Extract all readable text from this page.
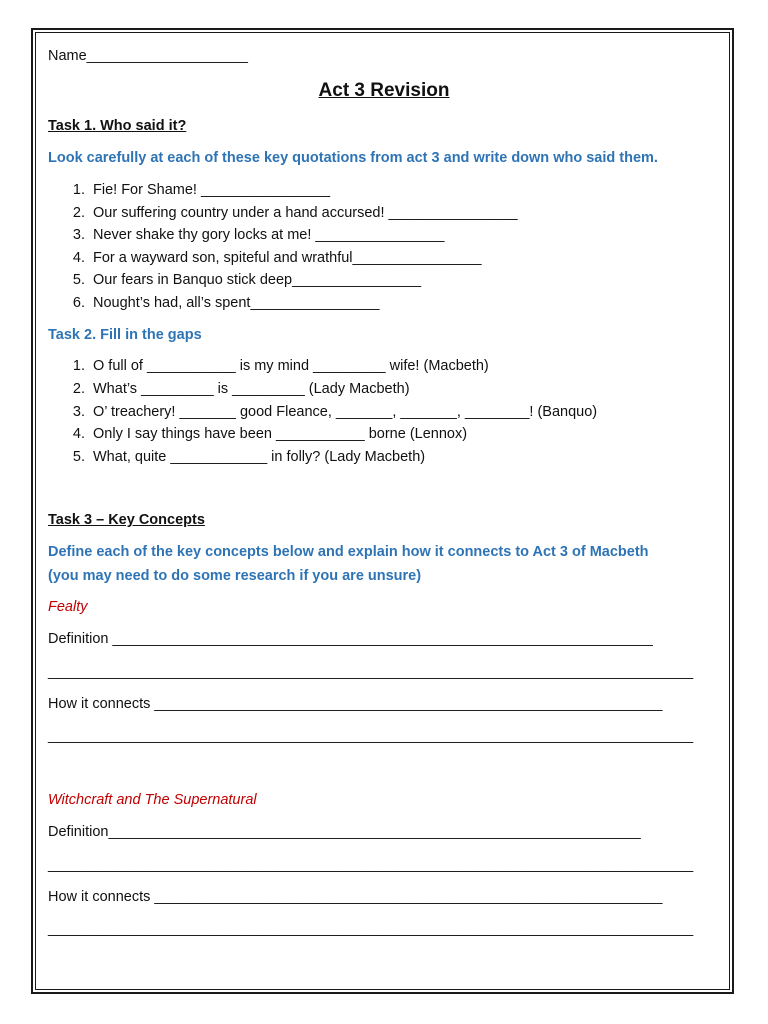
Name____________________
Act 3 Revision
Task 1. Who said it?
Look carefully at each of these key quotations from act 3 and write down who said them.
1. Fie! For Shame! ________________
2. Our suffering country under a hand accursed! ________________
3. Never shake thy gory locks at me! ________________
4. For a wayward son, spiteful and wrathful________________
5. Our fears in Banquo stick deep________________
6. Nought’s had, all’s spent________________
Task 2. Fill in the gaps
1. O full of ___________ is my mind _________ wife! (Macbeth)
2. What’s _________ is _________ (Lady Macbeth)
3. O’ treachery! _______ good Fleance, _______, _______, ________! (Banquo)
4. Only I say things have been ___________ borne (Lennox)
5. What, quite ____________ in folly? (Lady Macbeth)
Task 3 – Key Concepts
Define each of the key concepts below and explain how it connects to Act 3 of Macbeth
(you may need to do some research if you are unsure)
Fealty
Definition ___________________________________________________________________
________________________________________________________________________________
How it connects _______________________________________________________________
________________________________________________________________________________
Witchcraft and The Supernatural
Definition__________________________________________________________________
________________________________________________________________________________
How it connects _______________________________________________________________
________________________________________________________________________________
